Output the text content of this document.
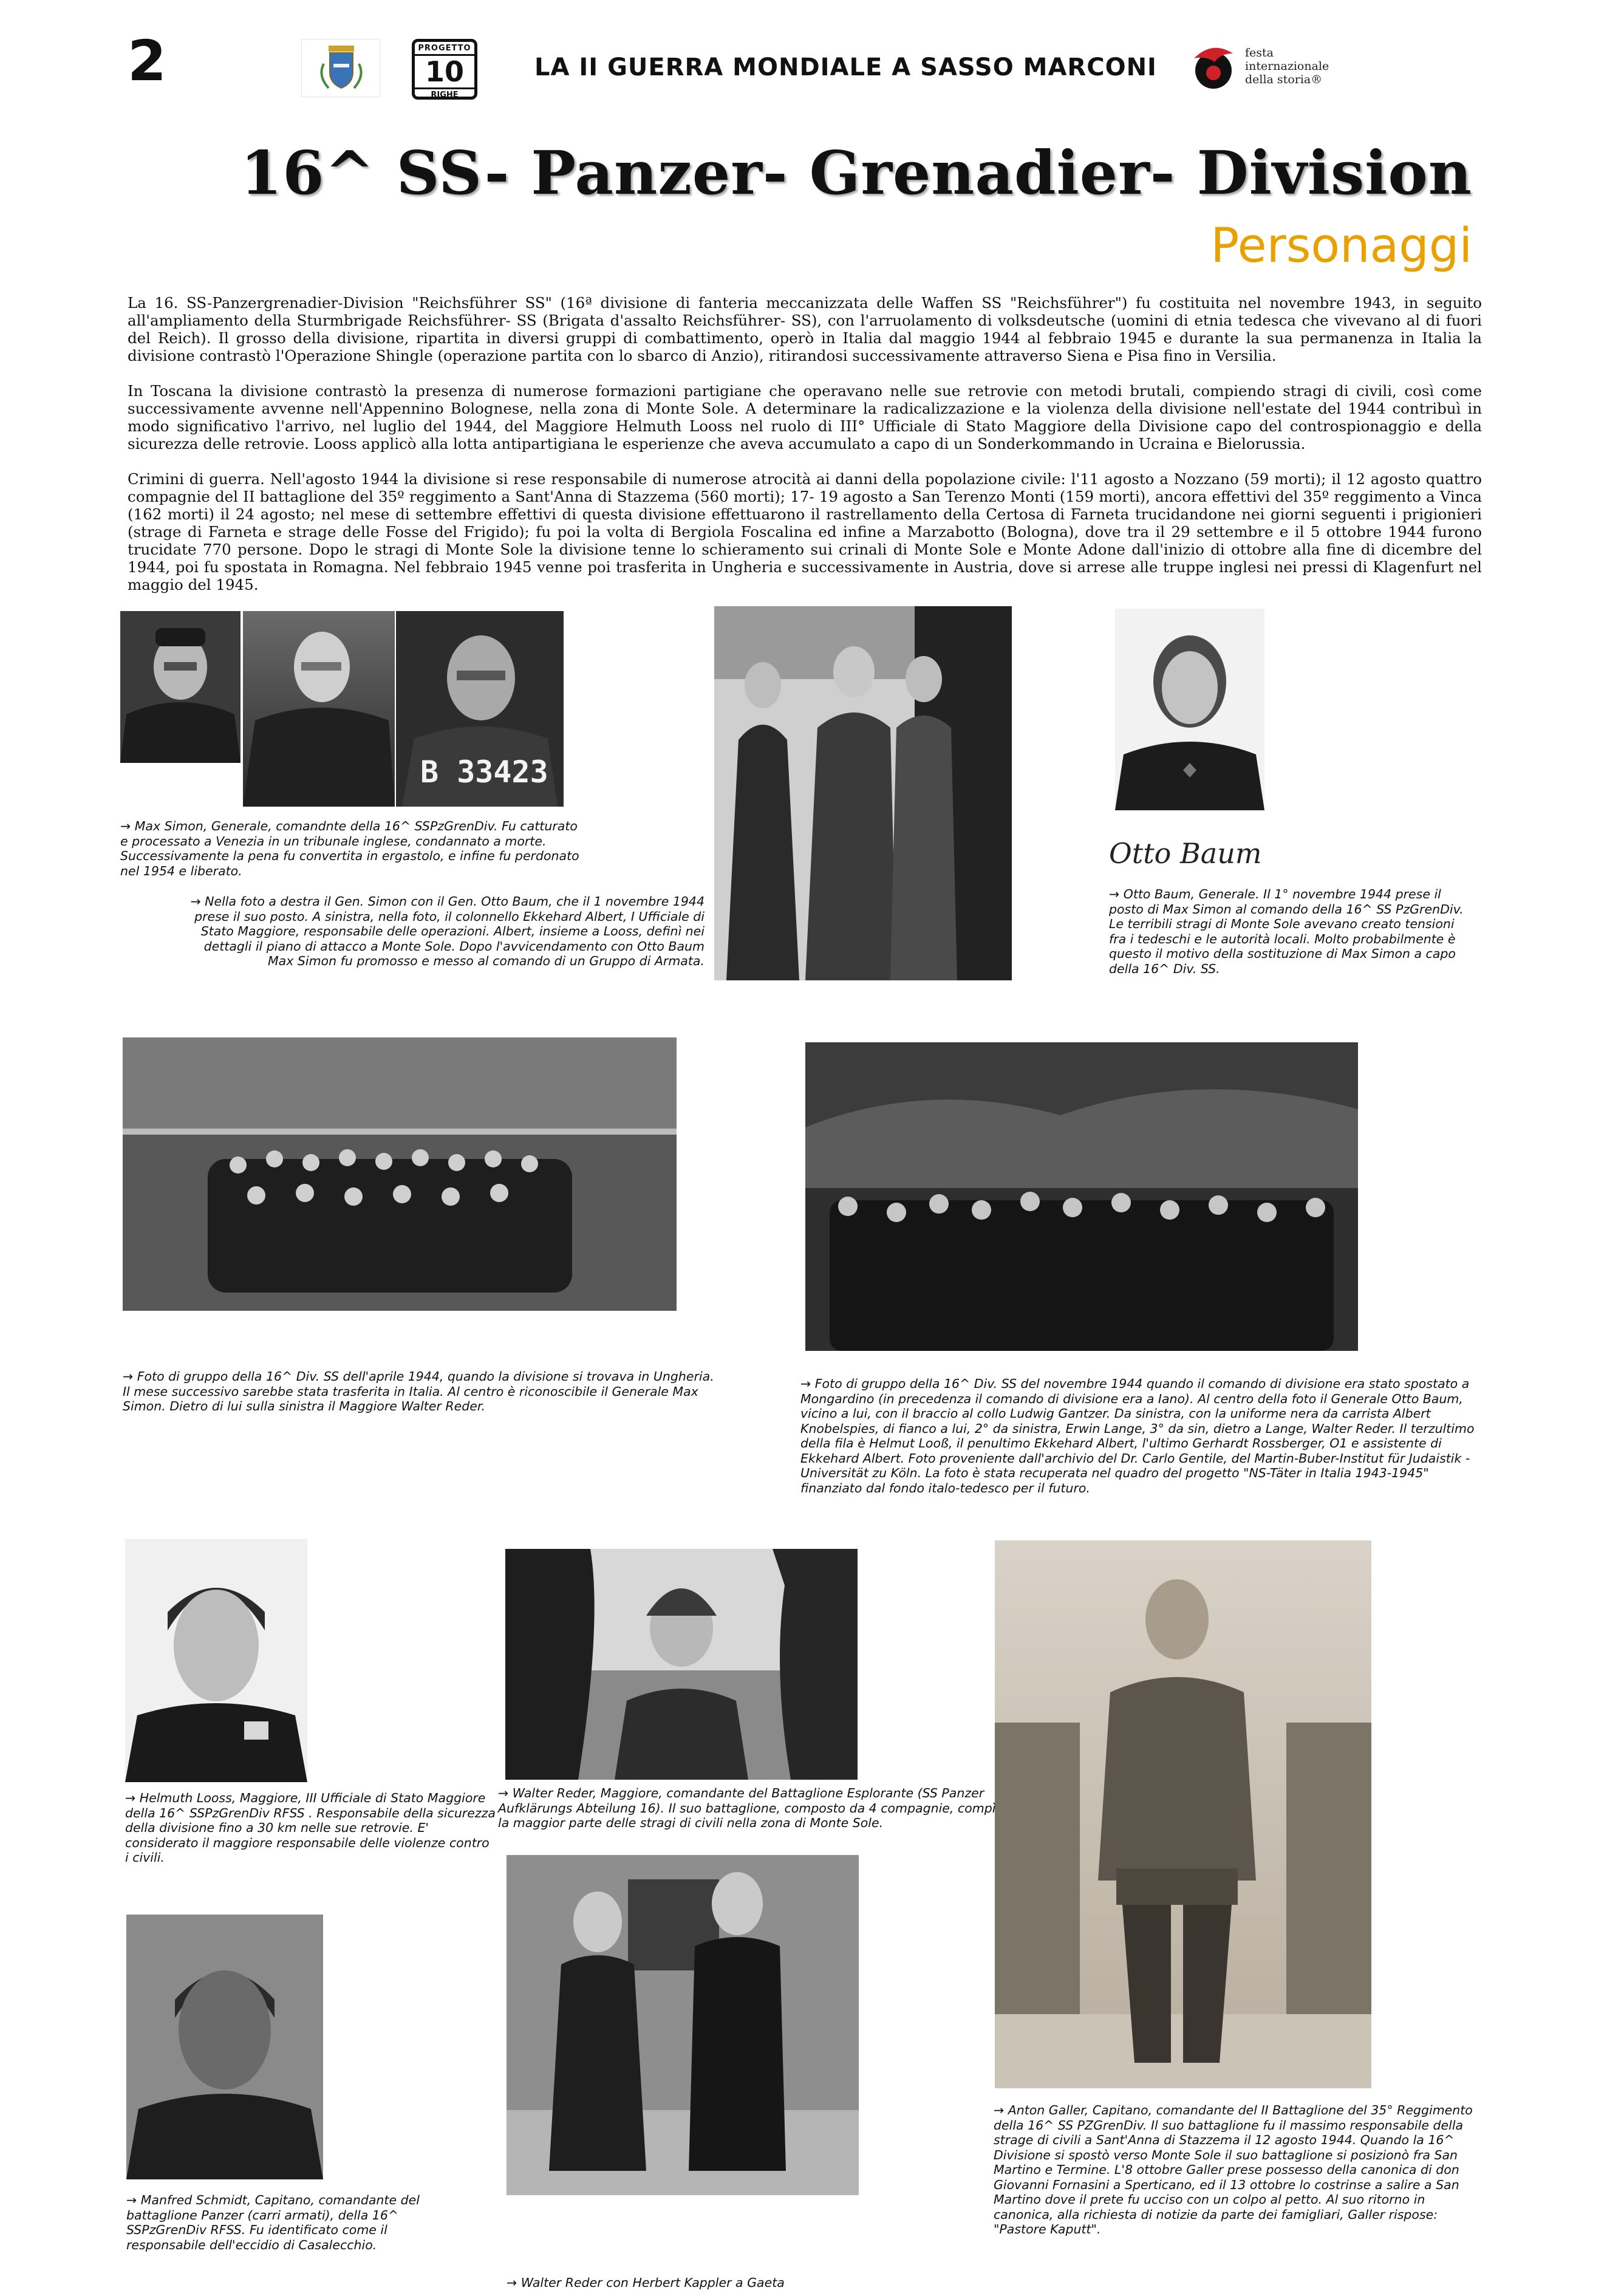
2	PROGETTO
10
RIGHE
LA II GUERRA MONDIALE A SASSO MARCONI
festa
internazionale
della storia®
16^ SS- Panzer- Grenadier- Division
Personaggi

La 16. SS-Panzergrenadier-Division "Reichsführer SS" (16ª divisione di fanteria meccanizzata delle Waffen SS "Reichsführer") fu costituita nel novembre 1943, in seguito all'ampliamento della Sturmbrigade Reichsführer- SS (Brigata d'assalto Reichsführer- SS), con l'arruolamento di volksdeutsche (uomini di etnia tedesca che vivevano al di fuori del Reich). Il grosso della divisione, ripartita in diversi gruppi di combattimento, operò in Italia dal maggio 1944 al febbraio 1945 e durante la sua permanenza in Italia la divisione contrastò l'Operazione Shingle (operazione partita con lo sbarco di Anzio), ritirandosi successivamente attraverso Siena e Pisa fino in Versilia.

In Toscana la divisione contrastò la presenza di numerose formazioni partigiane che operavano nelle sue retrovie con metodi brutali, compiendo stragi di civili, così come successivamente avvenne nell'Appennino Bolognese, nella zona di Monte Sole. A determinare la radicalizzazione e la violenza della divisione nell'estate del 1944 contribuì in modo significativo l'arrivo, nel luglio del 1944, del Maggiore Helmuth Looss nel ruolo di III° Ufficiale di Stato Maggiore della Divisione capo del controspionaggio e della sicurezza delle retrovie. Looss applicò alla lotta antipartigiana le esperienze che aveva accumulato a capo di un Sonderkommando in Ucraina e Bielorussia.

Crimini di guerra. Nell'agosto 1944 la divisione si rese responsabile di numerose atrocità ai danni della popolazione civile: l'11 agosto a Nozzano (59 morti); il 12 agosto quattro compagnie del II battaglione del 35º reggimento a Sant'Anna di Stazzema (560 morti); 17- 19 agosto a San Terenzo Monti (159 morti), ancora effettivi del 35º reggimento a Vinca (162 morti) il 24 agosto; nel mese di settembre effettivi di questa divisione effettuarono il rastrellamento della Certosa di Farneta trucidandone nei giorni seguenti i prigionieri (strage di Farneta e strage delle Fosse del Frigido); fu poi la volta di Bergiola Foscalina ed infine a Marzabotto (Bologna), dove tra il 29 settembre e il 5 ottobre 1944 furono trucidate 770 persone. Dopo le stragi di Monte Sole la divisione tenne lo schieramento sui crinali di Monte Sole e Monte Adone dall'inizio di ottobre alla fine di dicembre del 1944, poi fu spostata in Romagna. Nel febbraio 1945 venne poi trasferita in Ungheria e successivamente in Austria, dove si arrese alle truppe inglesi nei pressi di Klagenfurt nel maggio del 1945.

B 33423
Otto Baum
→ Max Simon, Generale, comandnte della 16^ SSPzGrenDiv. Fu catturato e processato a Venezia in un tribunale inglese, condannato a morte. Successivamente la pena fu convertita in ergastolo, e infine fu perdonato nel 1954 e liberato.
→ Nella foto a destra il Gen. Simon con il Gen. Otto Baum, che il 1 novembre 1944 prese il suo posto. A sinistra, nella foto, il colonnello Ekkehard Albert, I Ufficiale di Stato Maggiore, responsabile delle operazioni. Albert, insieme a Looss, definì nei dettagli il piano di attacco a Monte Sole. Dopo l'avvicendamento con Otto Baum Max Simon fu promosso e messo al comando di un Gruppo di Armata.
→ Otto Baum, Generale. Il 1° novembre 1944 prese il posto di Max Simon al comando della 16^ SS PzGrenDiv. Le terribili stragi di Monte Sole avevano creato tensioni fra i tedeschi e le autorità locali. Molto probabilmente è questo il motivo della sostituzione di Max Simon a capo della 16^ Div. SS.
→ Foto di gruppo della 16^ Div. SS dell'aprile 1944, quando la divisione si trovava in Ungheria. Il mese successivo sarebbe stata trasferita in Italia. Al centro è riconoscibile il Generale Max Simon. Dietro di lui sulla sinistra il Maggiore Walter Reder.
→ Foto di gruppo della 16^ Div. SS del novembre 1944 quando il comando di divisione era stato spostato a Mongardino (in precedenza il comando di divisione era a Iano). Al centro della foto il Generale Otto Baum, vicino a lui, con il braccio al collo Ludwig Gantzer. Da sinistra, con la uniforme nera da carrista Albert Knobelspies, di fianco a lui, 2° da sinistra, Erwin Lange, 3° da sin, dietro a Lange, Walter Reder. Il terzultimo della fila è Helmut Looß, il penultimo Ekkehard Albert, l'ultimo Gerhardt Rossberger, O1 e assistente di Ekkehard Albert. Foto proveniente dall'archivio del Dr. Carlo Gentile, del Martin-Buber-Institut für Judaistik - Universität zu Köln. La foto è stata recuperata nel quadro del progetto "NS-Täter in Italia 1943-1945" finanziato dal fondo italo-tedesco per il futuro.
→ Helmuth Looss, Maggiore, III Ufficiale di Stato Maggiore della 16^ SSPzGrenDiv RFSS . Responsabile della sicurezza della divisione fino a 30 km nelle sue retrovie. E' considerato il maggiore responsabile delle violenze contro i civili.
→ Walter Reder, Maggiore, comandante del Battaglione Esplorante (SS Panzer Aufklärungs Abteilung 16). Il suo battaglione, composto da 4 compagnie, compì la maggior parte delle stragi di civili nella zona di Monte Sole.
→ Manfred Schmidt, Capitano, comandante del battaglione Panzer (carri armati), della 16^ SSPzGrenDiv RFSS. Fu identificato come il responsabile dell'eccidio di Casalecchio.
→ Walter Reder con Herbert Kappler a Gaeta
→ Anton Galler, Capitano, comandante del II Battaglione del 35° Reggimento della 16^ SS PZGrenDiv. Il suo battaglione fu il massimo responsabile della strage di civili a Sant'Anna di Stazzema il 12 agosto 1944. Quando la 16^ Divisione si spostò verso Monte Sole il suo battaglione si posizionò fra San Martino e Termine. L'8 ottobre Galler prese possesso della canonica di don Giovanni Fornasini a Sperticano, ed il 13 ottobre lo costrinse a salire a San Martino dove il prete fu ucciso con un colpo al petto. Al suo ritorno in canonica, alla richiesta di notizie da parte dei famigliari, Galler rispose: "Pastore Kaputt".
